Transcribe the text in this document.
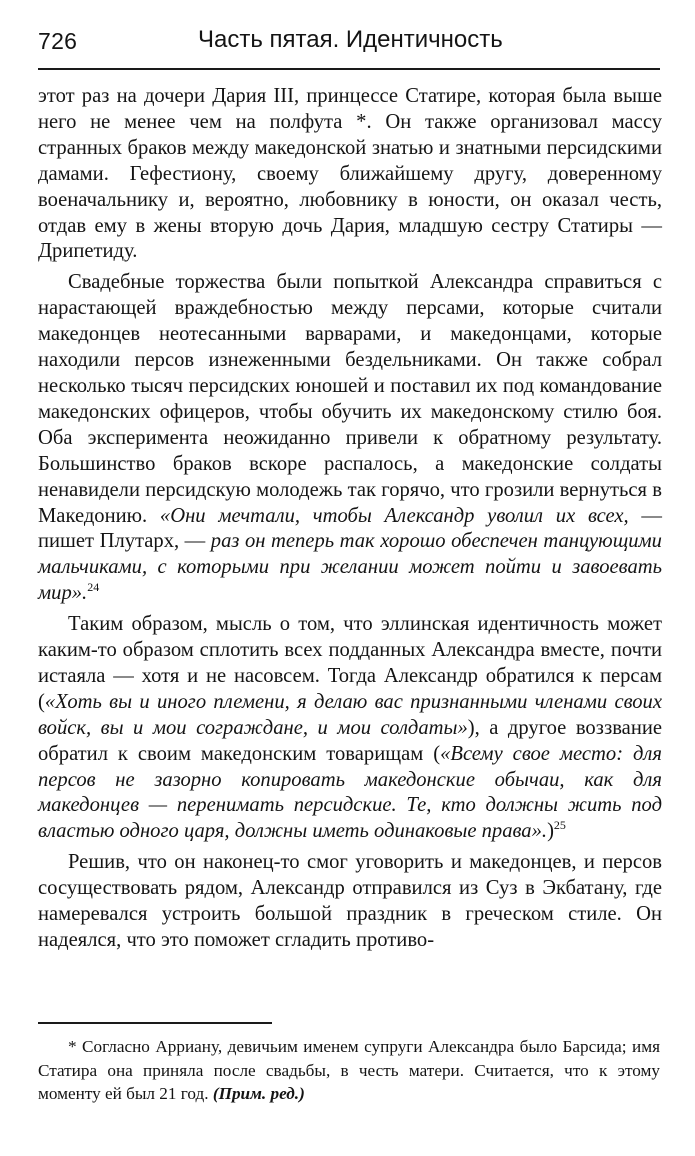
726	Часть пятая. Идентичность

этот раз на дочери Дария III, принцессе Статире, которая была выше него не менее чем на полфута *. Он также организовал массу странных браков между македонской знатью и знатными персидскими дамами. Гефестиону, своему ближайшему другу, доверенному военачальнику и, вероятно, любовнику в юности, он оказал честь, отдав ему в жены вторую дочь Дария, младшую сестру Статиры — Дрипетиду.

Свадебные торжества были попыткой Александра справиться с нарастающей враждебностью между персами, которые считали македонцев неотесанными варварами, и македонцами, которые находили персов изнеженными бездельниками. Он также собрал несколько тысяч персидских юношей и поставил их под командование македонских офицеров, чтобы обучить их македонскому стилю боя. Оба эксперимента неожиданно привели к обратному результату. Большинство браков вскоре распалось, а македонские солдаты ненавидели персидскую молодежь так горячо, что грозили вернуться в Македонию. «Они мечтали, чтобы Александр уволил их всех, — пишет Плутарх, — раз он теперь так хорошо обеспечен танцующими мальчиками, с которыми при желании может пойти и завоевать мир».$^{24}$

Таким образом, мысль о том, что эллинская идентичность может каким-то образом сплотить всех подданных Александра вместе, почти истаяла — хотя и не насовсем. Тогда Александр обратился к персам («Хоть вы и иного племени, я делаю вас признанными членами своих войск, вы и мои сограждане, и мои солдаты»), а другое воззвание обратил к своим македонским товарищам («Всему свое место: для персов не зазорно копировать македонские обычаи, как для македонцев — перенимать персидские. Те, кто должны жить под властью одного царя, должны иметь одинаковые права».)$^{25}$

Решив, что он наконец-то смог уговорить и македонцев, и персов сосуществовать рядом, Александр отправился из Суз в Экбатану, где намеревался устроить большой праздник в греческом стиле. Он надеялся, что это поможет сгладить противо-

* Согласно Арриану, девичьим именем супруги Александра было Барсида; имя Статира она приняла после свадьбы, в честь матери. Считается, что к этому моменту ей был 21 год. (Прим. ред.)
